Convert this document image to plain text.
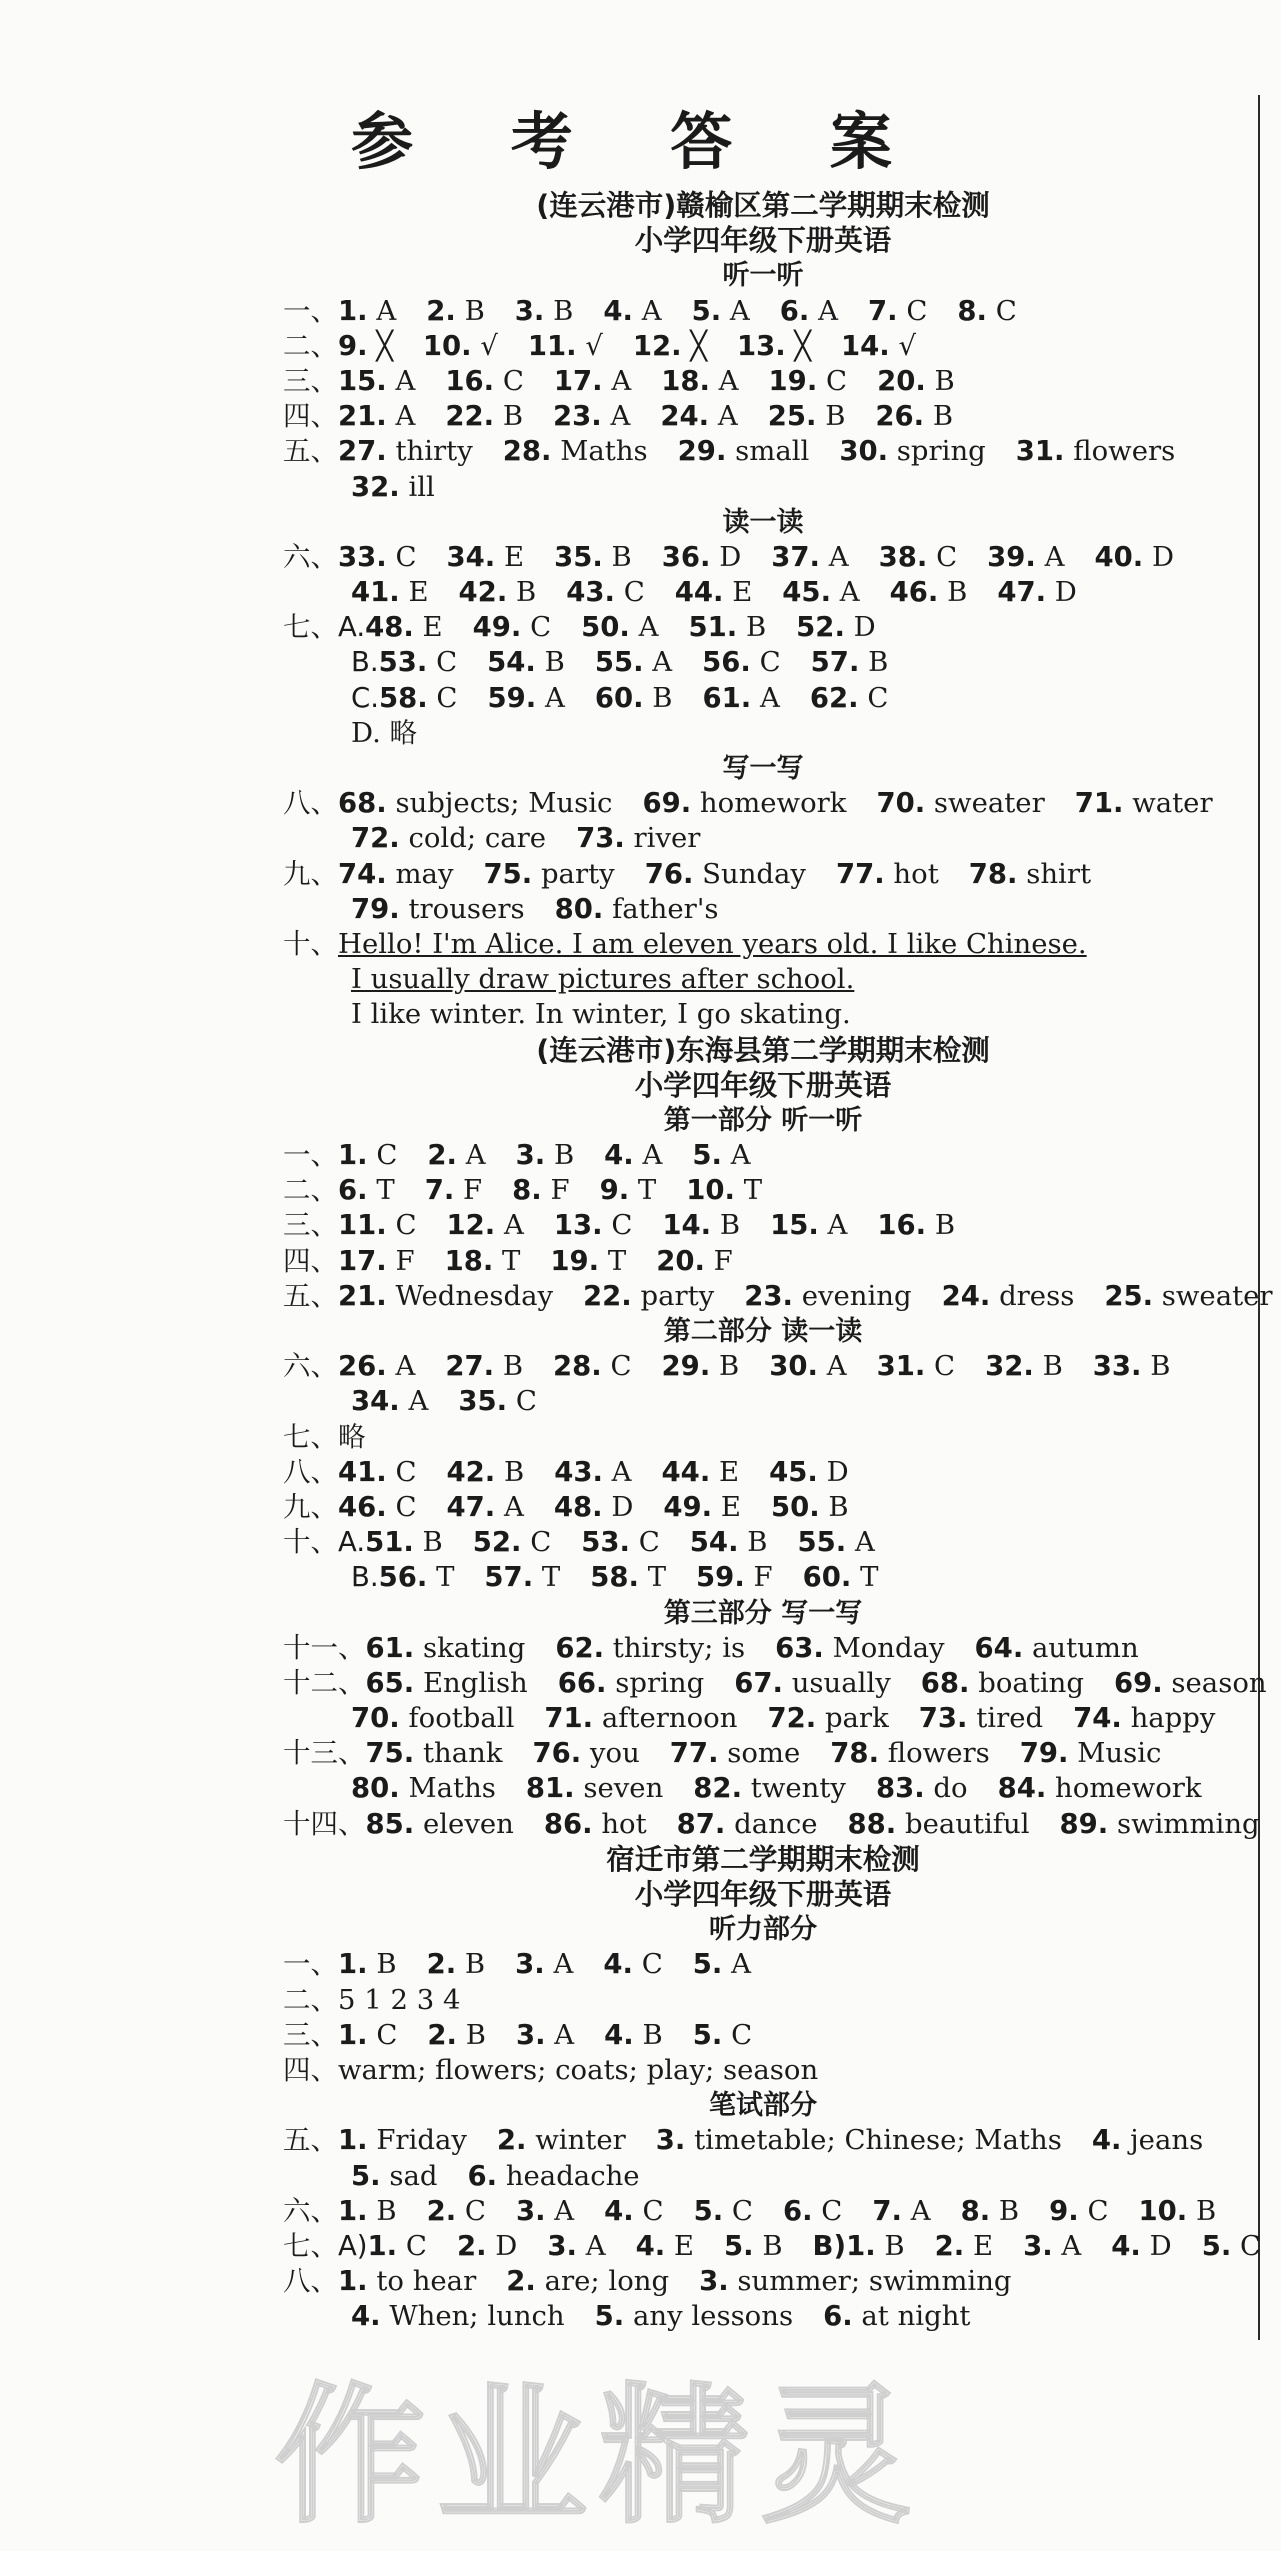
参 考 答 案
(连云港市)赣榆区第二学期期末检测
小学四年级下册英语
听一听
一、1. A 2. B 3. B 4. A 5. A 6. A 7. C 8. C
二、9. ╳ 10. √ 11. √ 12. ╳ 13. ╳ 14. √
三、15. A 16. C 17. A 18. A 19. C 20. B
四、21. A 22. B 23. A 24. A 25. B 26. B
五、27. thirty 28. Maths 29. small 30. spring 31. flowers
32. ill
读一读
六、33. C 34. E 35. B 36. D 37. A 38. C 39. A 40. D
41. E 42. B 43. C 44. E 45. A 46. B 47. D
七、A.48. E 49. C 50. A 51. B 52. D
B.53. C 54. B 55. A 56. C 57. B
C.58. C 59. A 60. B 61. A 62. C
D. 略
写一写
八、68. subjects; Music 69. homework 70. sweater 71. water
72. cold; care 73. river
九、74. may 75. party 76. Sunday 77. hot 78. shirt
79. trousers 80. father's
十、Hello! I'm Alice. I am eleven years old. I like Chinese.
I usually draw pictures after school.
I like winter. In winter, I go skating.
(连云港市)东海县第二学期期末检测
小学四年级下册英语
第一部分 听一听
一、1. C 2. A 3. B 4. A 5. A
二、6. T 7. F 8. F 9. T 10. T
三、11. C 12. A 13. C 14. B 15. A 16. B
四、17. F 18. T 19. T 20. F
五、21. Wednesday 22. party 23. evening 24. dress 25. sweater
第二部分 读一读
六、26. A 27. B 28. C 29. B 30. A 31. C 32. B 33. B
34. A 35. C
七、略
八、41. C 42. B 43. A 44. E 45. D
九、46. C 47. A 48. D 49. E 50. B
十、A.51. B 52. C 53. C 54. B 55. A
B.56. T 57. T 58. T 59. F 60. T
第三部分 写一写
十一、61. skating 62. thirsty; is 63. Monday 64. autumn
十二、65. English 66. spring 67. usually 68. boating 69. season
70. football 71. afternoon 72. park 73. tired 74. happy
十三、75. thank 76. you 77. some 78. flowers 79. Music
80. Maths 81. seven 82. twenty 83. do 84. homework
十四、85. eleven 86. hot 87. dance 88. beautiful 89. swimming
宿迁市第二学期期末检测
小学四年级下册英语
听力部分
一、1. B 2. B 3. A 4. C 5. A
二、5 1 2 3 4
三、1. C 2. B 3. A 4. B 5. C
四、warm; flowers; coats; play; season
笔试部分
五、1. Friday 2. winter 3. timetable; Chinese; Maths 4. jeans
5. sad 6. headache
六、1. B 2. C 3. A 4. C 5. C 6. C 7. A 8. B 9. C 10. B
七、A)1. C 2. D 3. A 4. E 5. B B)1. B 2. E 3. A 4. D 5. C
八、1. to hear 2. are; long 3. summer; swimming
4. When; lunch 5. any lessons 6. at night
作业精灵
